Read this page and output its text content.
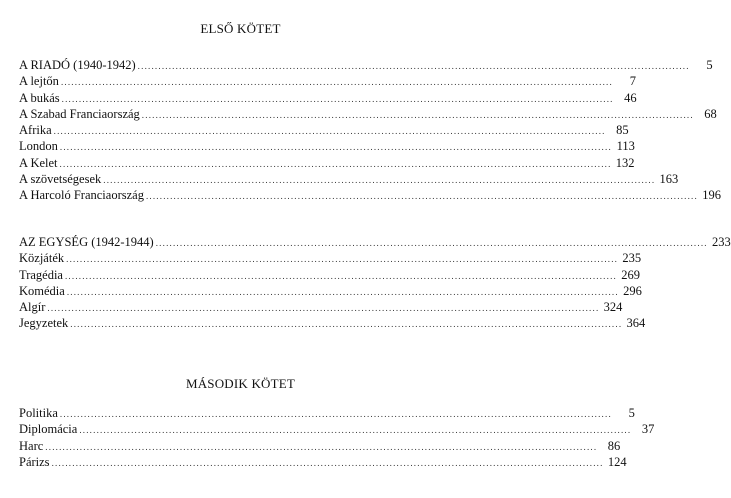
ELSŐ KÖTET
A RIADÓ (1940-1942) ................................................................................................................................................................	5
A lejtőn ................................................................................................................................................................	7
A bukás ................................................................................................................................................................ 46
A Szabad Franciaország ................................................................................................................................................................ 68
Afrika ................................................................................................................................................................ 85
London ................................................................................................................................................................ 113
A Kelet ................................................................................................................................................................ 132
A szövetségesek ................................................................................................................................................................ 163
A Harcoló Franciaország ................................................................................................................................................................ 196
AZ EGYSÉG (1942-1944) ................................................................................................................................................................ 233
Közjáték ................................................................................................................................................................ 235
Tragédia ................................................................................................................................................................ 269
Komédia ................................................................................................................................................................ 296
Algír ................................................................................................................................................................ 324
Jegyzetek ................................................................................................................................................................ 364
MÁSODIK KÖTET
Politika ................................................................................................................................................................	5
Diplomácia ................................................................................................................................................................ 37
Harc ................................................................................................................................................................ 86
Párizs ................................................................................................................................................................ 124
